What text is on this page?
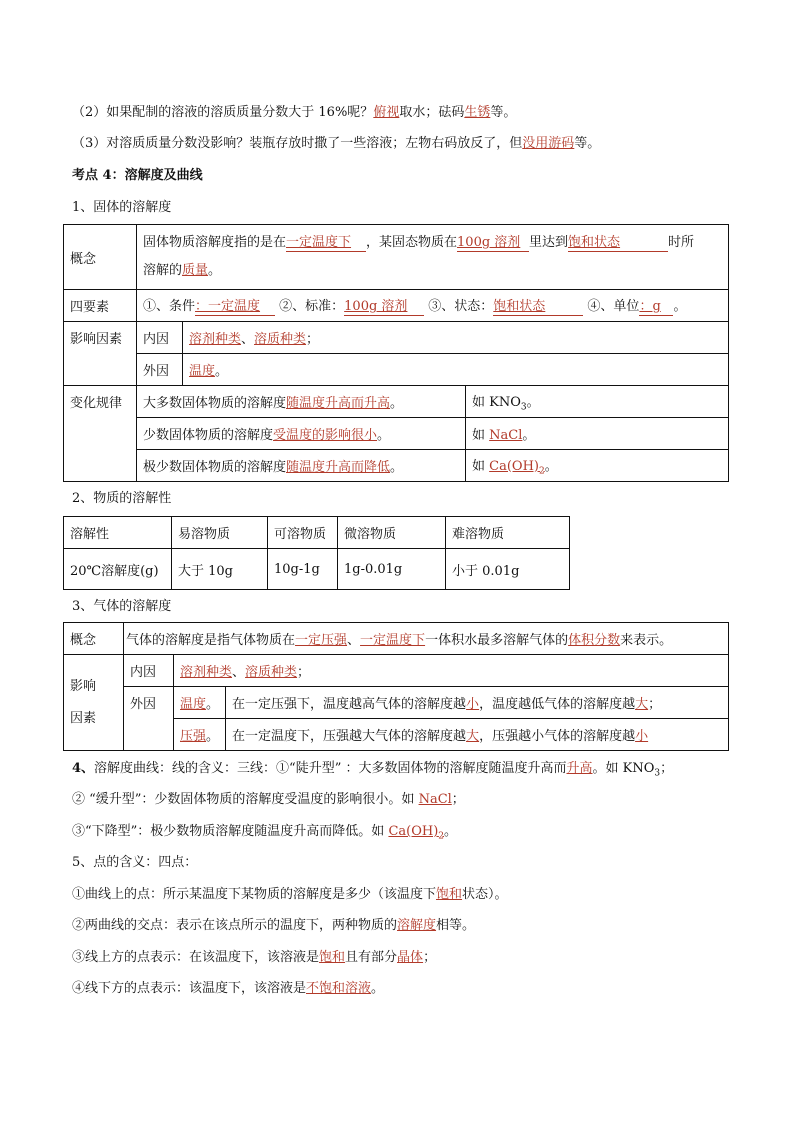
（2）如果配制的溶液的溶质质量分数大于 16%呢？俯视取水；砝码生锈等。
（3）对溶质质量分数没影响？装瓶存放时撒了一些溶液；左物右码放反了，但没用游码等。
考点 4：溶解度及曲线
1、固体的溶解度
概念	固体物质溶解度指的是在一定温度下，某固态物质在100g 溶剂 里达到饱和状态 时所
溶解的质量。		
四要素	①、条件：一定温度 ②、标准：100g 溶剂 ③、状态：饱和状态 ④、单位：g。		
影响因素	内因	溶剂种类、溶质种类；	
	外因	温度。	
变化规律	大多数固体物质的溶解度随温度升高而升高。		如 $KNO_3$。
	少数固体物质的溶解度受温度的影响很小。		如 NaCl。
	极少数固体物质的溶解度随温度升高而降低。		如 $Ca(OH)_2$。
2、物质的溶解性
溶解性	易溶物质	可溶物质	微溶物质	难溶物质
20℃溶解度(g)	大于 10g	10g-1g	1g-0.01g	小于 0.01g
3、气体的溶解度
概念	气体的溶解度是指气体物质在一定压强、一定温度下一体积水最多溶解气体的体积分数来表示。		
影响
因素	内因	溶剂种类、溶质种类；	
	外因	温度。	在一定压强下，温度越高气体的溶解度越小，温度越低气体的溶解度越大；
		压强。	在一定温度下，压强越大气体的溶解度越大，压强越小气体的溶解度越小
4、溶解度曲线：线的含义：三线：①“陡升型” ：大多数固体物的溶解度随温度升高而升高。如 $KNO_3$；
② “缓升型”：少数固体物质的溶解度受温度的影响很小。如 NaCl；
③“下降型”：极少数物质溶解度随温度升高而降低。如 $Ca(OH)_2$。
5、点的含义：四点：
①曲线上的点：所示某温度下某物质的溶解度是多少（该温度下饱和状态）。
②两曲线的交点：表示在该点所示的温度下，两种物质的溶解度相等。
③线上方的点表示：在该温度下，该溶液是饱和且有部分晶体；
④线下方的点表示：该温度下，该溶液是不饱和溶液。
